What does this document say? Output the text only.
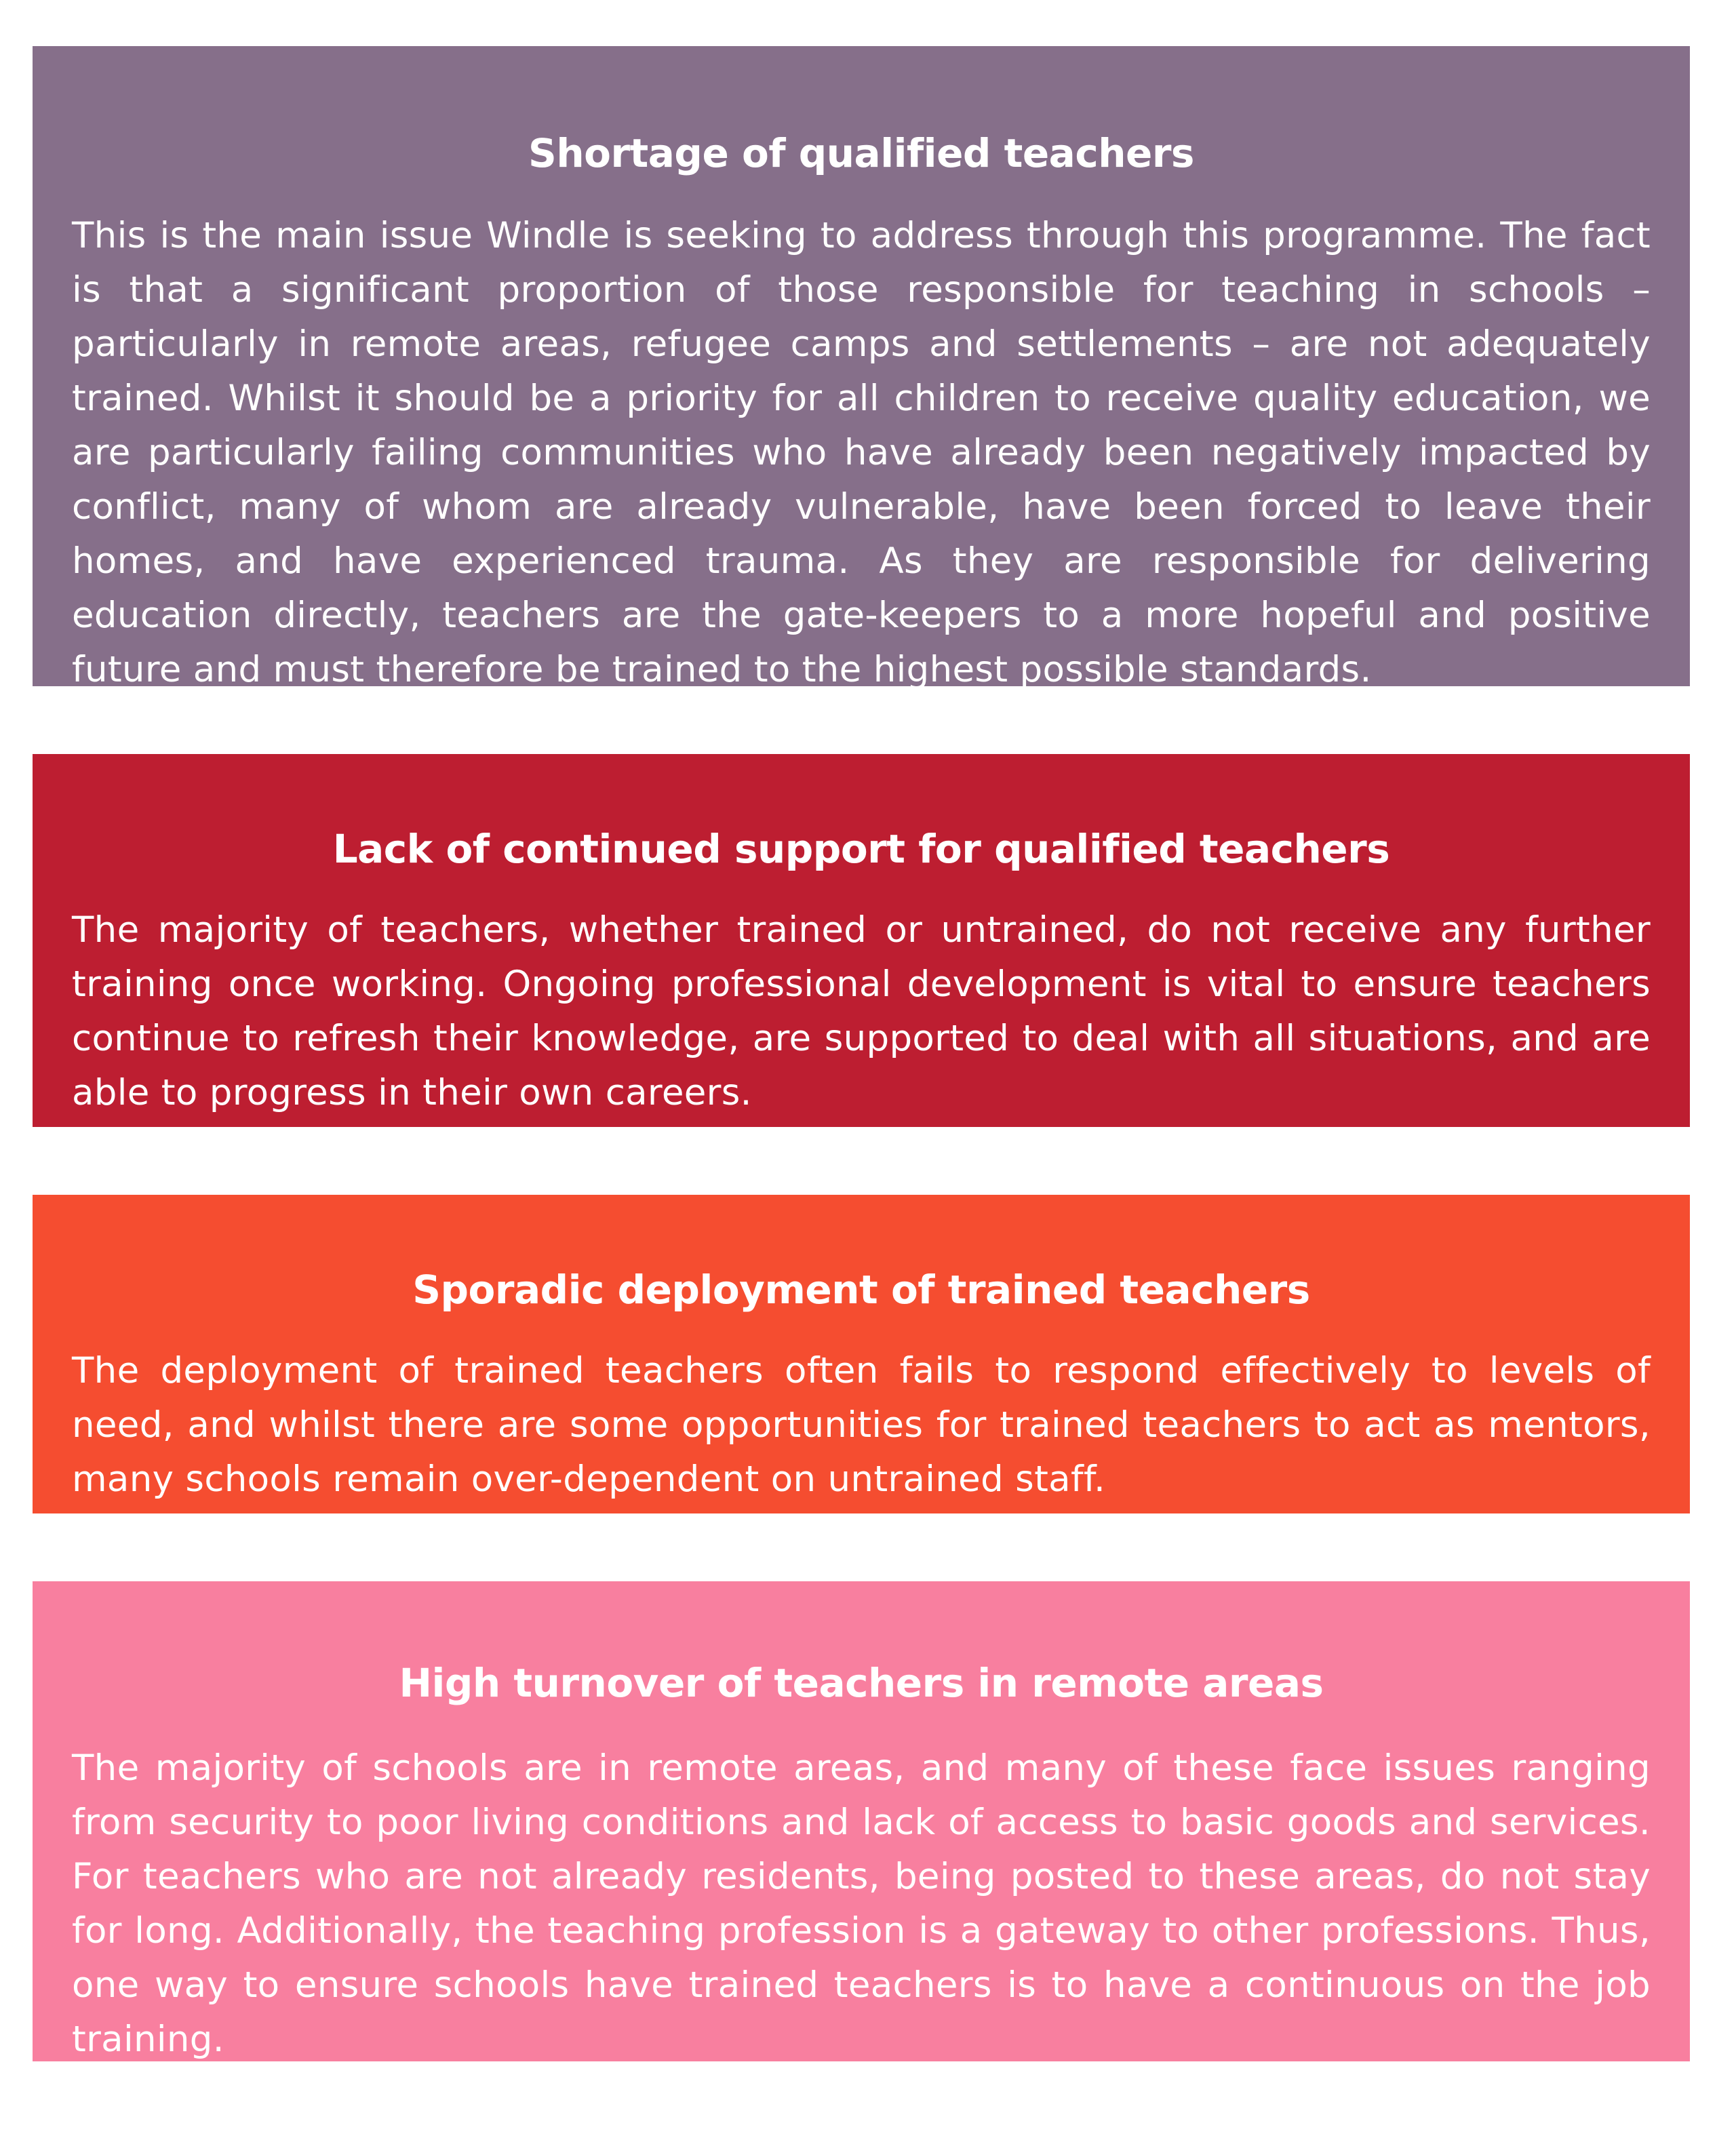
Shortage of qualified teachers

This is the main issue Windle is seeking to address through this programme. The fact is that a significant proportion of those responsible for teaching in schools – particularly in remote areas, refugee camps and settlements – are not adequately trained. Whilst it should be a priority for all children to receive quality education, we are particularly failing communities who have already been negatively impacted by conflict, many of whom are already vulnerable, have been forced to leave their homes, and have experienced trauma. As they are responsible for delivering education directly, teachers are the gate-keepers to a more hopeful and positive future and must therefore be trained to the highest possible standards.

Lack of continued support for qualified teachers

The majority of teachers, whether trained or untrained, do not receive any further training once working. Ongoing professional development is vital to ensure teachers continue to refresh their knowledge, are supported to deal with all situations, and are able to progress in their own careers.

Sporadic deployment of trained teachers

The deployment of trained teachers often fails to respond effectively to levels of need, and whilst there are some opportunities for trained teachers to act as mentors, many schools remain over-dependent on untrained staff.

High turnover of teachers in remote areas

The majority of schools are in remote areas, and many of these face issues ranging from security to poor living conditions and lack of access to basic goods and services. For teachers who are not already residents, being posted to these areas, do not stay for long. Additionally, the teaching profession is a gateway to other professions. Thus, one way to ensure schools have trained teachers is to have a continuous on the job training.
